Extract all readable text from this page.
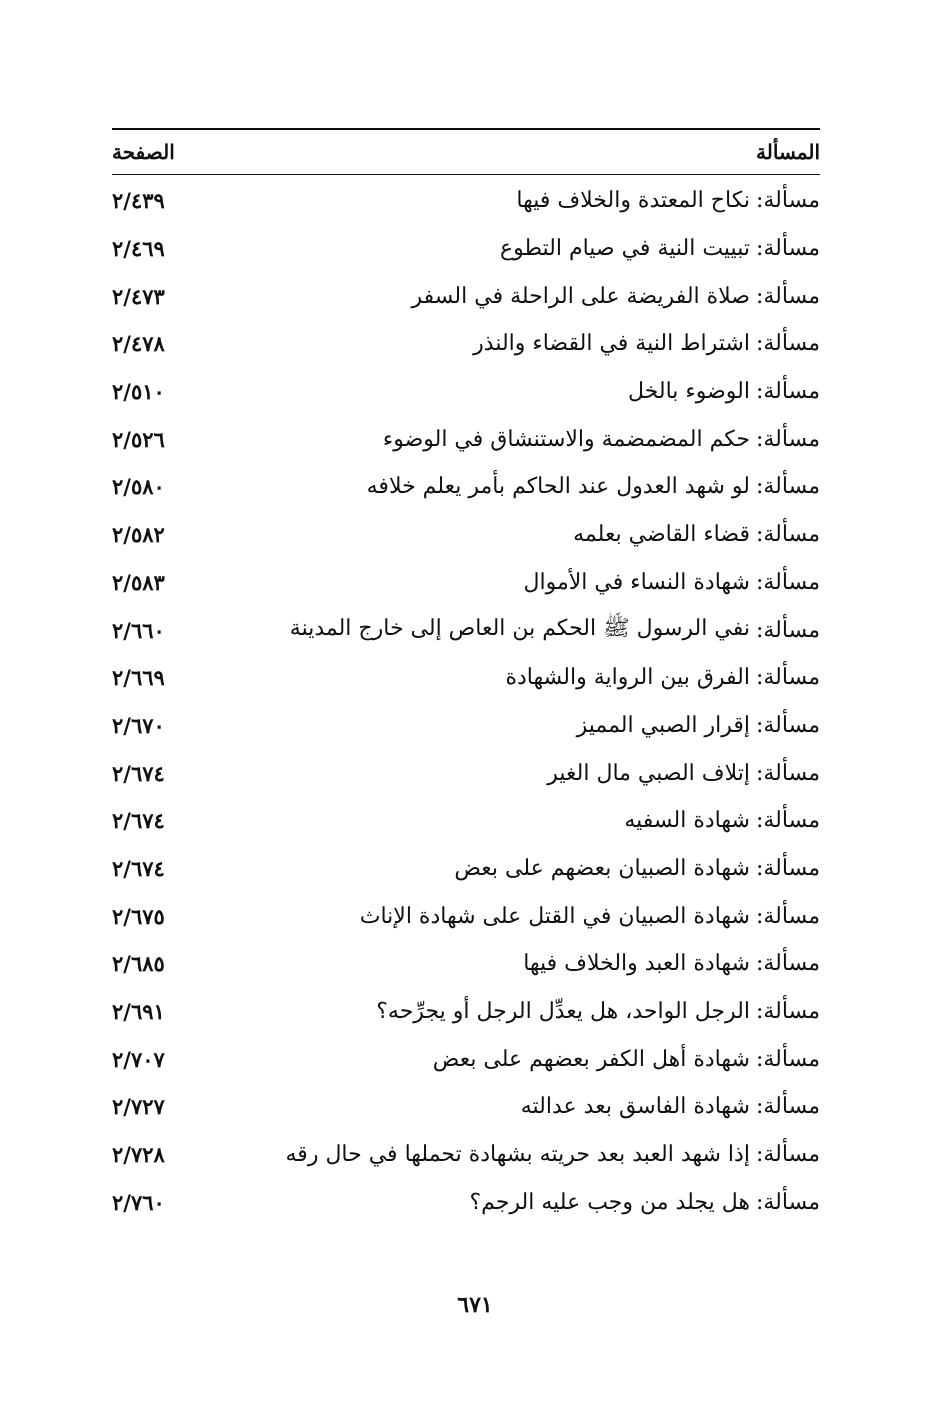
المسألة
الصفحة
مسألة:
نكاح المعتدة والخلاف فيها
٢/٤٣٩
مسألة:
تبييت النية في صيام التطوع
٢/٤٦٩
مسألة:
صلاة الفريضة على الراحلة في السفر
٢/٤٧٣
مسألة:
اشتراط النية في القضاء والنذر
٢/٤٧٨
مسألة:
الوضوء بالخل
٢/٥١٠
مسألة:
حكم المضمضمة والاستنشاق في الوضوء
٢/٥٢٦
مسألة:
لو شهد العدول عند الحاكم بأمر يعلم خلافه
٢/٥٨٠
مسألة:
قضاء القاضي بعلمه
٢/٥٨٢
مسألة:
شهادة النساء في الأموال
٢/٥٨٣
مسألة:
نفي الرسول ﷺ الحكم بن العاص إلى خارج المدينة
٢/٦٦٠
مسألة:
الفرق بين الرواية والشهادة
٢/٦٦٩
مسألة:
إقرار الصبي المميز
٢/٦٧٠
مسألة:
إتلاف الصبي مال الغير
٢/٦٧٤
مسألة:
شهادة السفيه
٢/٦٧٤
مسألة:
شهادة الصبيان بعضهم على بعض
٢/٦٧٤
مسألة:
شهادة الصبيان في القتل على شهادة الإناث
٢/٦٧٥
مسألة:
شهادة العبد والخلاف فيها
٢/٦٨٥
مسألة:
الرجل الواحد، هل يعدِّل الرجل أو يجرِّحه؟
٢/٦٩١
مسألة:
شهادة أهل الكفر بعضهم على بعض
٢/٧٠٧
مسألة:
شهادة الفاسق بعد عدالته
٢/٧٢٧
مسألة:
إذا شهد العبد بعد حريته بشهادة تحملها في حال رقه
٢/٧٢٨
مسألة:
هل يجلد من وجب عليه الرجم؟
٢/٧٦٠
٦٧١
